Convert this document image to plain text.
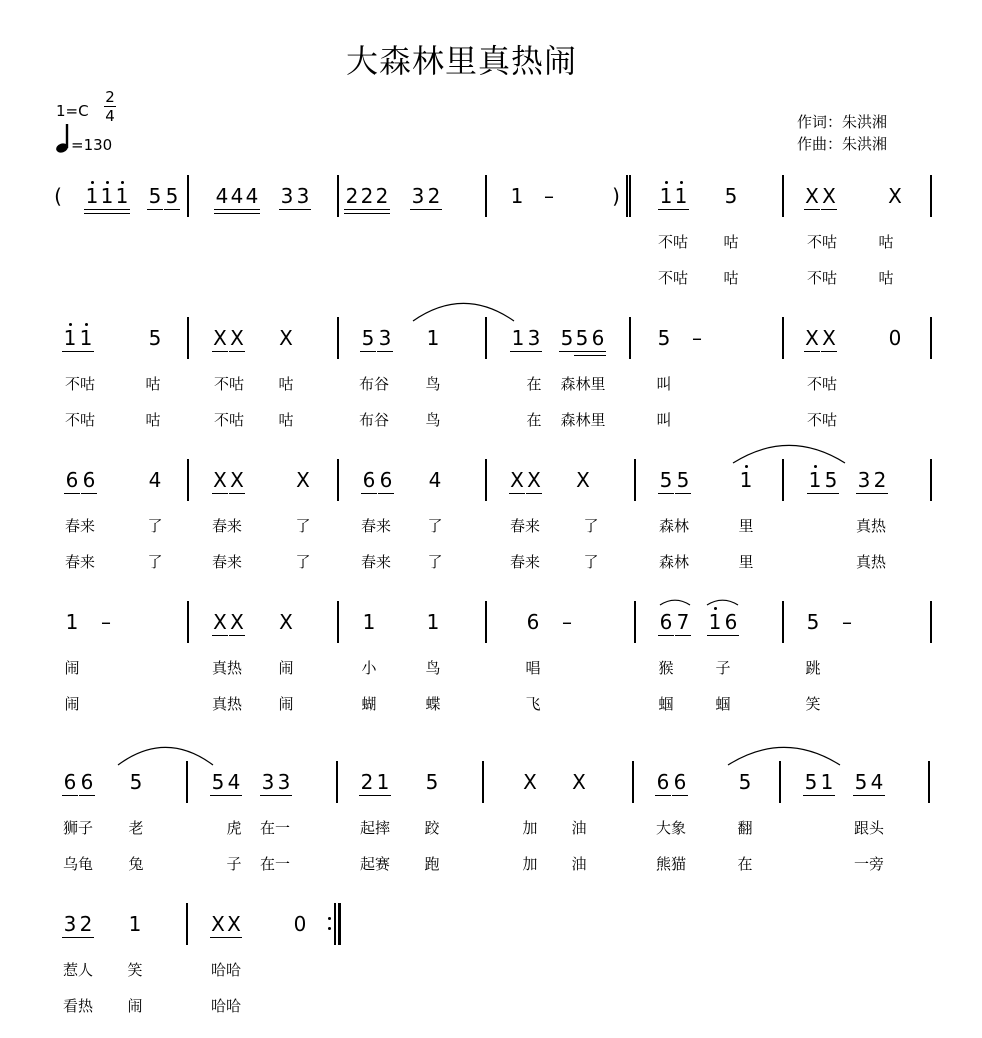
大森林里真热闹
1=C
2
4
=130
作词：朱洪湘
作曲：朱洪湘
( 1 1 1 5 5 4 4 4 3 3 2 2 2 3 2	1 –	) 1 1 5	X X	X
不咕 咕	不咕	咕
不咕 咕	不咕	咕
1 1	5	X X X	5 3 1	1 3 5 5 6	5 –	X X	0
不咕	咕	不咕 咕	布谷 鸟	在 森林里	叫	不咕
不咕	咕	不咕 咕	布谷 鸟	在 森林里	叫	不咕
6 6	4	X X	X	6 6 4	X X X	5 5	1	1 5 3 2
春来	了	春来	了	春来 了	春来	了	森林	里	真热
春来	了	春来	了	春来 了	春来	了	森林	里	真热
1 –	X X X	1	1	6 –	6 7 1 6	5 –
闹	真热 闹	小	鸟	唱	猴	子	跳
闹	真热 闹	蝴	蝶	飞	蝈	蝈	笑
6 6 5	5 4 3 3	2 1 5	X X	6 6	5	5 1 5 4
狮子 老	虎 在一	起摔 跤	加 油	大象	翻	跟头
乌龟 兔	子 在一	起赛 跑	加 油	熊猫	在	一旁
3 2 1	X X	0
惹人 笑	哈哈
看热 闹	哈哈
